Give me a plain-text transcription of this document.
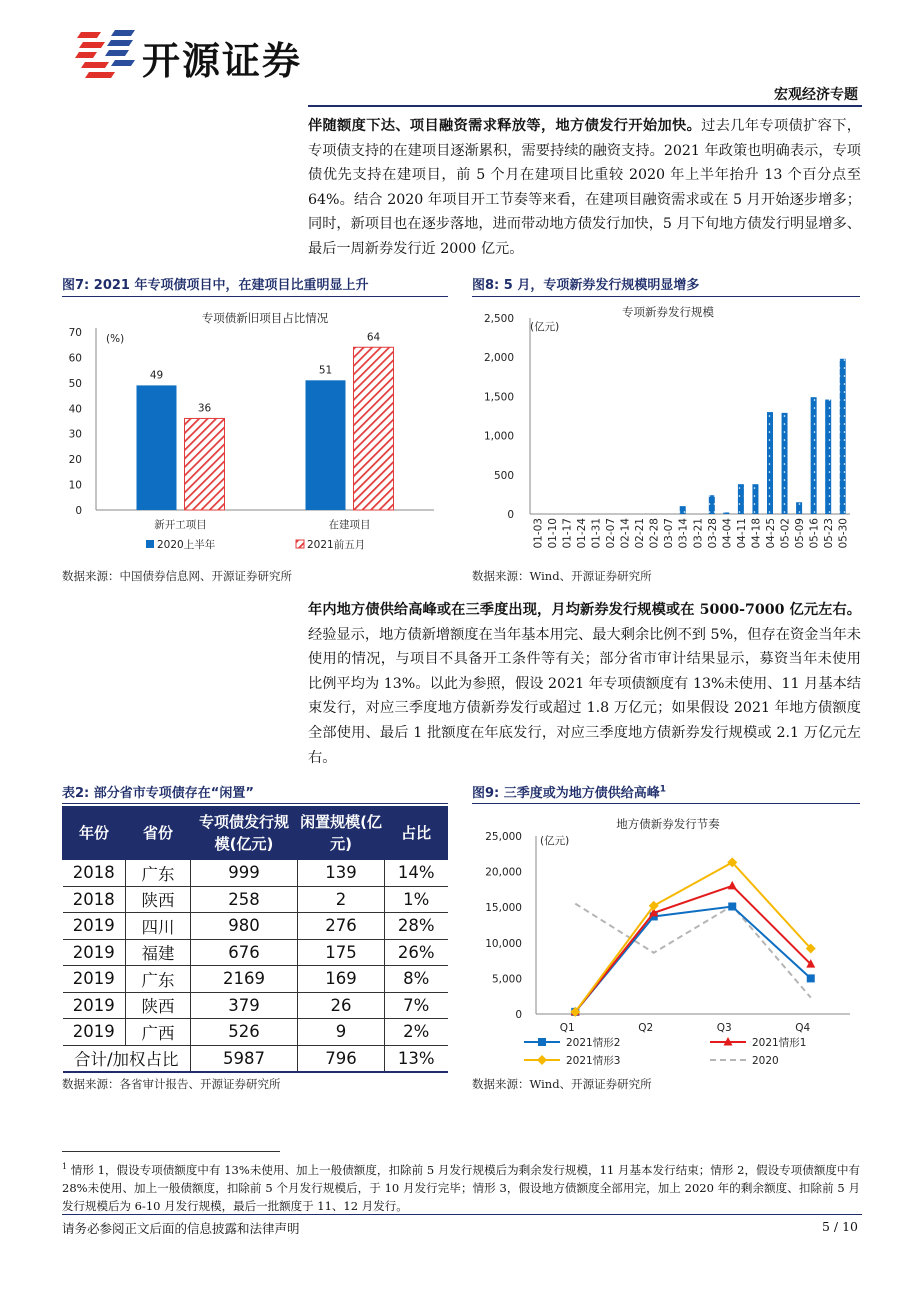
开源证券
宏观经济专题
伴随额度下达、项目融资需求释放等，地方债发行开始加快。过去几年专项债扩容下，专项债支持的在建项目逐渐累积，需要持续的融资支持。2021 年政策也明确表示，专项债优先支持在建项目，前 5 个月在建项目比重较 2020 年上半年抬升 13 个百分点至 64%。结合 2020 年项目开工节奏等来看，在建项目融资需求或在 5 月开始逐步增多；同时，新项目也在逐步落地，进而带动地方债发行加快，5 月下旬地方债发行明显增多、最后一周新券发行近 2000 亿元。
图7: 2021 年专项债项目中，在建项目比重明显上升
专项债新旧项目占比情况
(%)
0
10
20
30
40
50
60
70
新开工项目
49
36
在建项目
51
64
2020上半年	2021前五月
图8: 5 月，专项新券发行规模明显增多
专项新券发行规模
(亿元)
0
500
1,000
1,500
2,000
2,500
01-03 01-10 01-17 01-24 01-31 02-07 02-14 02-21 02-28 03-07 03-14 03-21 03-28 04-04 04-11 04-18 04-25 05-02 05-09 05-16 05-23 05-30
数据来源：中国债券信息网、开源证券研究所	数据来源：Wind、开源证券研究所
年内地方债供给高峰或在三季度出现，月均新券发行规模或在 5000-7000 亿元左右。经验显示，地方债新增额度在当年基本用完、最大剩余比例不到 5%，但存在资金当年未使用的情况，与项目不具备开工条件等有关；部分省市审计结果显示，募资当年未使用比例平均为 13%。以此为参照，假设 2021 年专项债额度有 13%未使用、11 月基本结束发行，对应三季度地方债新券发行或超过 1.8 万亿元；如果假设 2021 年地方债额度全部使用、最后 1 批额度在年底发行，对应三季度地方债新券发行规模或 2.1 万亿元左右。
表2: 部分省市专项债存在“闲置”
年份	省份	专项债发行规模(亿元)	闲置规模(亿元)	占比
2018	广东	999	139	14%
2018	陕西	258	2	1%
2019	四川	980	276	28%
2019	福建	676	175	26%
2019	广东	2169	169	8%
2019	陕西	379	26	7%
2019	广西	526	9	2%
合计/加权占比		5987	796	13%
图9: 三季度或为地方债供给高峰$^1$
地方债新券发行节奏
(亿元)
0
5,000
10,000
15,000
20,000
25,000
Q1	Q2	Q3	Q4
2021情形2	2021情形1
2021情形3	2020
数据来源：各省审计报告、开源证券研究所	数据来源：Wind、开源证券研究所
$^1$ 情形 1，假设专项债额度中有 13%未使用、加上一般债额度，扣除前 5 月发行规模后为剩余发行规模，11 月基本发行结束；情形 2，假设专项债额度中有 28%未使用、加上一般债额度，扣除前 5 个月发行规模后，于 10 月发行完毕；情形 3，假设地方债额度全部用完，加上 2020 年的剩余额度、扣除前 5 月发行规模后为 6-10 月发行规模，最后一批额度于 11、12 月发行。
请务必参阅正文后面的信息披露和法律声明	5 / 10
